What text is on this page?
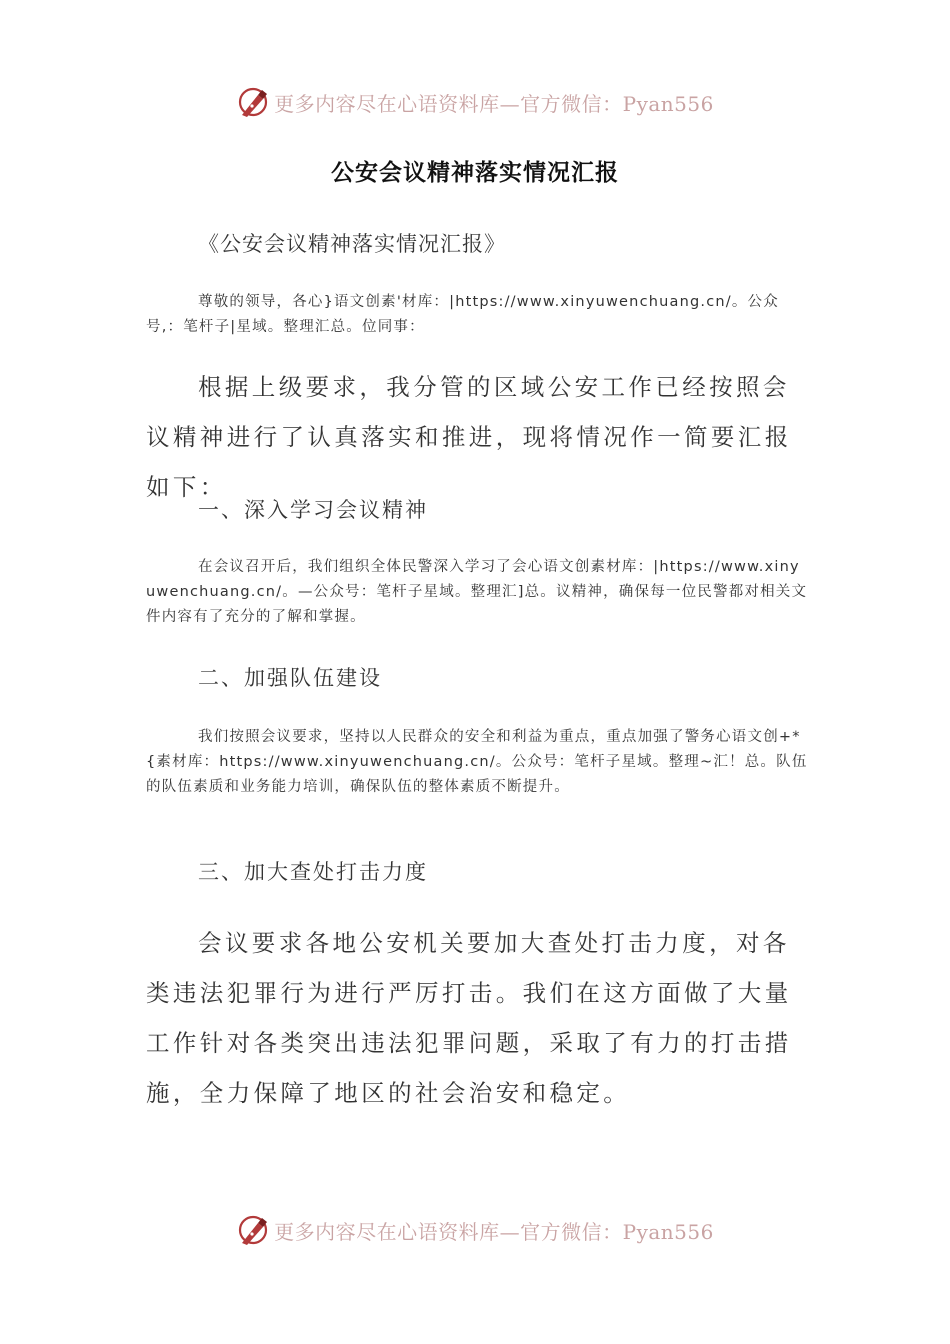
更多内容尽在心语资料库—官方微信：Pyan556
公安会议精神落实情况汇报

《公安会议精神落实情况汇报》

尊敬的领导，各心}语文创素'材库：|https://www.xinyuwenchuang.cn/。公众号,：笔杆子|星域。整理汇总。位同事：

根据上级要求，我分管的区域公安工作已经按照会议精神进行了认真落实和推进，现将情况作一简要汇报如下：

一、深入学习会议精神

在会议召开后，我们组织全体民警深入学习了会心语文创素材库：|https://www.xinyuwenchuang.cn/。—公众号：笔杆子星域。整理汇]总。议精神，确保每一位民警都对相关文件内容有了充分的了解和掌握。

二、加强队伍建设

我们按照会议要求，坚持以人民群众的安全和利益为重点，重点加强了警务心语文创+*{素材库：https://www.xinyuwenchuang.cn/。公众号：笔杆子星域。整理~汇！总。队伍的队伍素质和业务能力培训，确保队伍的整体素质不断提升。

三、加大查处打击力度

会议要求各地公安机关要加大查处打击力度，对各类违法犯罪行为进行严厉打击。我们在这方面做了大量工作针对各类突出违法犯罪问题，采取了有力的打击措施，全力保障了地区的社会治安和稳定。

更多内容尽在心语资料库—官方微信：Pyan556
